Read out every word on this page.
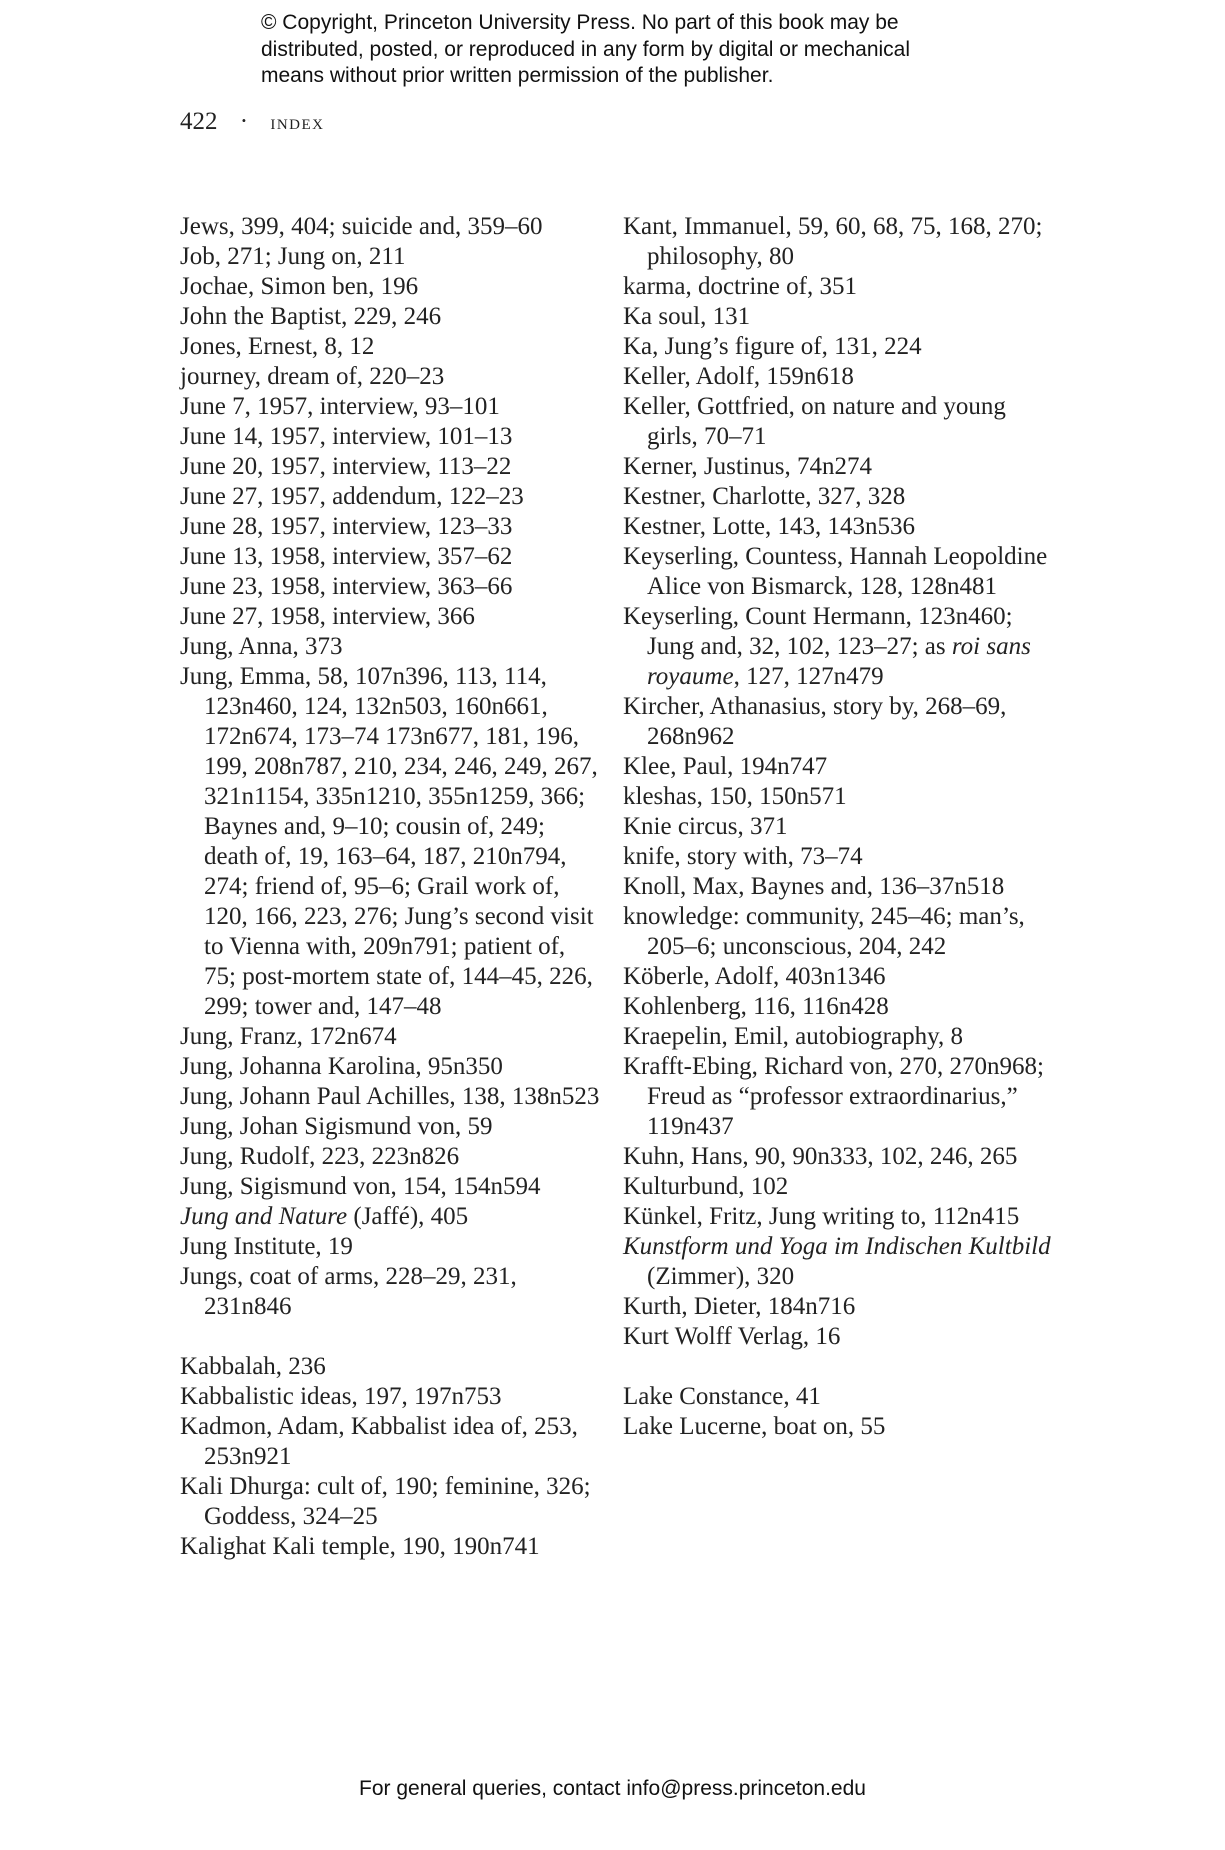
© Copyright, Princeton University Press. No part of this book may be
distributed, posted, or reproduced in any form by digital or mechanical
means without prior written permission of the publisher.
422 · index
Jews, 399, 404; suicide and, 359–60
Job, 271; Jung on, 211
Jochae, Simon ben, 196
John the Baptist, 229, 246
Jones, Ernest, 8, 12
journey, dream of, 220–23
June 7, 1957, interview, 93–101
June 14, 1957, interview, 101–13
June 20, 1957, interview, 113–22
June 27, 1957, addendum, 122–23
June 28, 1957, interview, 123–33
June 13, 1958, interview, 357–62
June 23, 1958, interview, 363–66
June 27, 1958, interview, 366
Jung, Anna, 373
Jung, Emma, 58, 107n396, 113, 114, 123n460, 124, 132n503, 160n661, 172n674, 173–74 173n677, 181, 196, 199, 208n787, 210, 234, 246, 249, 267, 321n1154, 335n1210, 355n1259, 366; Baynes and, 9–10; cousin of, 249; death of, 19, 163–64, 187, 210n794, 274; friend of, 95–6; Grail work of, 120, 166, 223, 276; Jung’s second visit to Vienna with, 209n791; patient of, 75; post-mortem state of, 144–45, 226, 299; tower and, 147–48
Jung, Franz, 172n674
Jung, Johanna Karolina, 95n350
Jung, Johann Paul Achilles, 138, 138n523
Jung, Johan Sigismund von, 59
Jung, Rudolf, 223, 223n826
Jung, Sigismund von, 154, 154n594
Jung and Nature (Jaffé), 405
Jung Institute, 19
Jungs, coat of arms, 228–29, 231, 231n846
Kabbalah, 236
Kabbalistic ideas, 197, 197n753
Kadmon, Adam, Kabbalist idea of, 253, 253n921
Kali Dhurga: cult of, 190; feminine, 326; Goddess, 324–25
Kalighat Kali temple, 190, 190n741
Kant, Immanuel, 59, 60, 68, 75, 168, 270; philosophy, 80
karma, doctrine of, 351
Ka soul, 131
Ka, Jung’s figure of, 131, 224
Keller, Adolf, 159n618
Keller, Gottfried, on nature and young girls, 70–71
Kerner, Justinus, 74n274
Kestner, Charlotte, 327, 328
Kestner, Lotte, 143, 143n536
Keyserling, Countess, Hannah Leopoldine Alice von Bismarck, 128, 128n481
Keyserling, Count Hermann, 123n460; Jung and, 32, 102, 123–27; as roi sans royaume, 127, 127n479
Kircher, Athanasius, story by, 268–69, 268n962
Klee, Paul, 194n747
kleshas, 150, 150n571
Knie circus, 371
knife, story with, 73–74
Knoll, Max, Baynes and, 136–37n518
knowledge: community, 245–46; man’s, 205–6; unconscious, 204, 242
Köberle, Adolf, 403n1346
Kohlenberg, 116, 116n428
Kraepelin, Emil, autobiography, 8
Krafft-Ebing, Richard von, 270, 270n968; Freud as “professor extraordinarius,” 119n437
Kuhn, Hans, 90, 90n333, 102, 246, 265
Kulturbund, 102
Künkel, Fritz, Jung writing to, 112n415
Kunstform und Yoga im Indischen Kultbild (Zimmer), 320
Kurth, Dieter, 184n716
Kurt Wolff Verlag, 16
Lake Constance, 41
Lake Lucerne, boat on, 55
For general queries, contact info@press.princeton.edu
